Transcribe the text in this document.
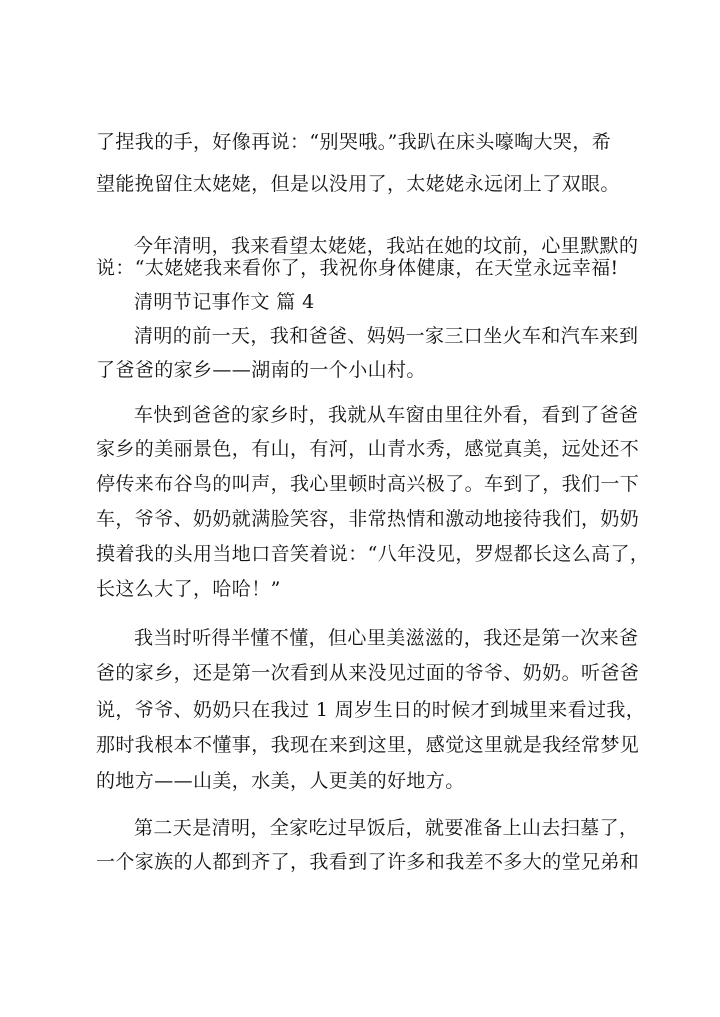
了捏我的手，好像再说：“别哭哦。”我趴在床头嚎啕大哭，希
望能挽留住太姥姥，但是以没用了，太姥姥永远闭上了双眼。
今年清明，我来看望太姥姥，我站在她的坟前，心里默默的
说：“太姥姥我来看你了，我祝你身体健康，在天堂永远幸福!
清明节记事作文 篇 4
清明的前一天，我和爸爸、妈妈一家三口坐火车和汽车来到
了爸爸的家乡——湖南的一个小山村。
车快到爸爸的家乡时，我就从车窗由里往外看，看到了爸爸
家乡的美丽景色，有山，有河，山青水秀，感觉真美，远处还不
停传来布谷鸟的叫声，我心里顿时高兴极了。车到了，我们一下
车，爷爷、奶奶就满脸笑容，非常热情和激动地接待我们，奶奶
摸着我的头用当地口音笑着说：“八年没见，罗煜都长这么高了，
长这么大了，哈哈！”
我当时听得半懂不懂，但心里美滋滋的，我还是第一次来爸
爸的家乡，还是第一次看到从来没见过面的爷爷、奶奶。听爸爸
说，爷爷、奶奶只在我过 1 周岁生日的时候才到城里来看过我，
那时我根本不懂事，我现在来到这里，感觉这里就是我经常梦见
的地方——山美，水美，人更美的好地方。
第二天是清明，全家吃过早饭后，就要准备上山去扫墓了，
一个家族的人都到齐了，我看到了许多和我差不多大的堂兄弟和
